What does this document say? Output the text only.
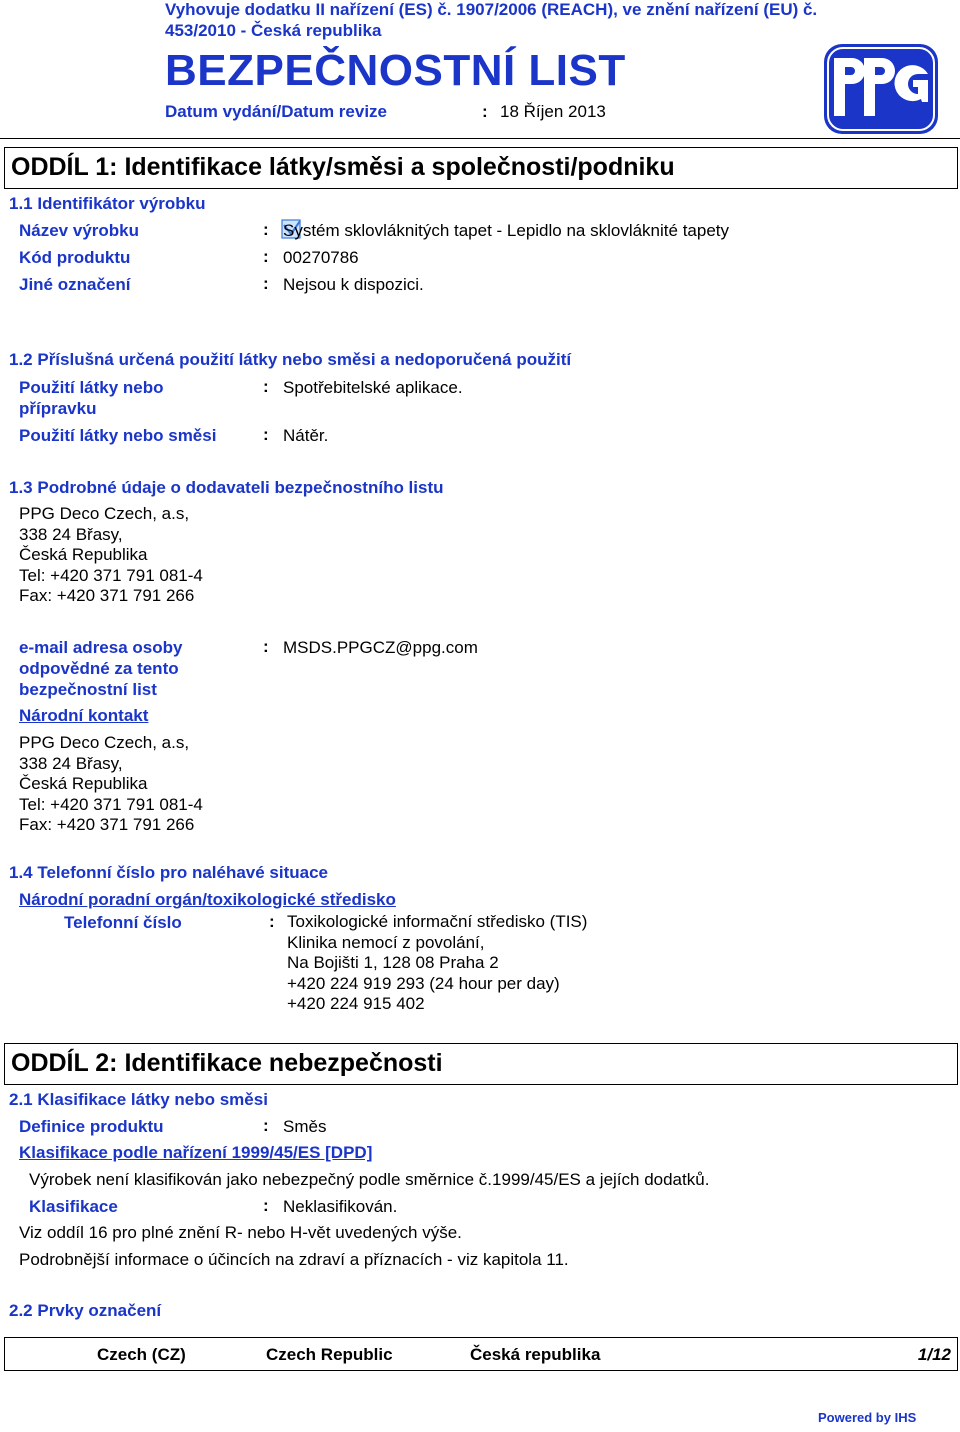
Vyhovuje dodatku II nařízení (ES) č. 1907/2006 (REACH), ve znění nařízení (EU) č.
453/2010 - Česká republika
BEZPEČNOSTNÍ LIST
Datum vydání/Datum revize	: 18 Říjen 2013
ODDÍL 1: Identifikace látky/směsi a společnosti/podniku
1.1 Identifikátor výrobku
Název výrobku	: Systém sklovláknitých tapet - Lepidlo na sklovláknité tapety
Kód produktu	: 00270786
Jiné označení	: Nejsou k dispozici.
1.2 Příslušná určená použití látky nebo směsi a nedoporučená použití
Použití látky nebo
přípravku
: Spotřebitelské aplikace.
Použití látky nebo směsi	: Nátěr.
1.3 Podrobné údaje o dodavateli bezpečnostního listu
PPG Deco Czech, a.s,
338 24 Břasy,
Česká Republika
Tel: +420 371 791 081-4
Fax: +420 371 791 266
e-mail adresa osoby
odpovědné za tento
bezpečnostní list
: MSDS.PPGCZ@ppg.com
Národní kontakt
PPG Deco Czech, a.s,
338 24 Břasy,
Česká Republika
Tel: +420 371 791 081-4
Fax: +420 371 791 266
1.4 Telefonní číslo pro naléhavé situace
Národní poradní orgán/toxikologické středisko
Telefonní číslo	: Toxikologické informační středisko (TIS)
Klinika nemocí z povolání,
Na Bojišti 1, 128 08 Praha 2
+420 224 919 293 (24 hour per day)
+420 224 915 402
ODDÍL 2: Identifikace nebezpečnosti
2.1 Klasifikace látky nebo směsi
Definice produktu	: Směs
Klasifikace podle nařízení 1999/45/ES [DPD]
Výrobek není klasifikován jako nebezpečný podle směrnice č.1999/45/ES a jejích dodatků.
Klasifikace	: Neklasifikován.
Viz oddíl 16 pro plné znění R- nebo H-vět uvedených výše.
Podrobnější informace o účincích na zdraví a příznacích - viz kapitola 11.
2.2 Prvky označení
Czech (CZ)	Czech Republic	Česká republika	1/12
Powered by IHS
